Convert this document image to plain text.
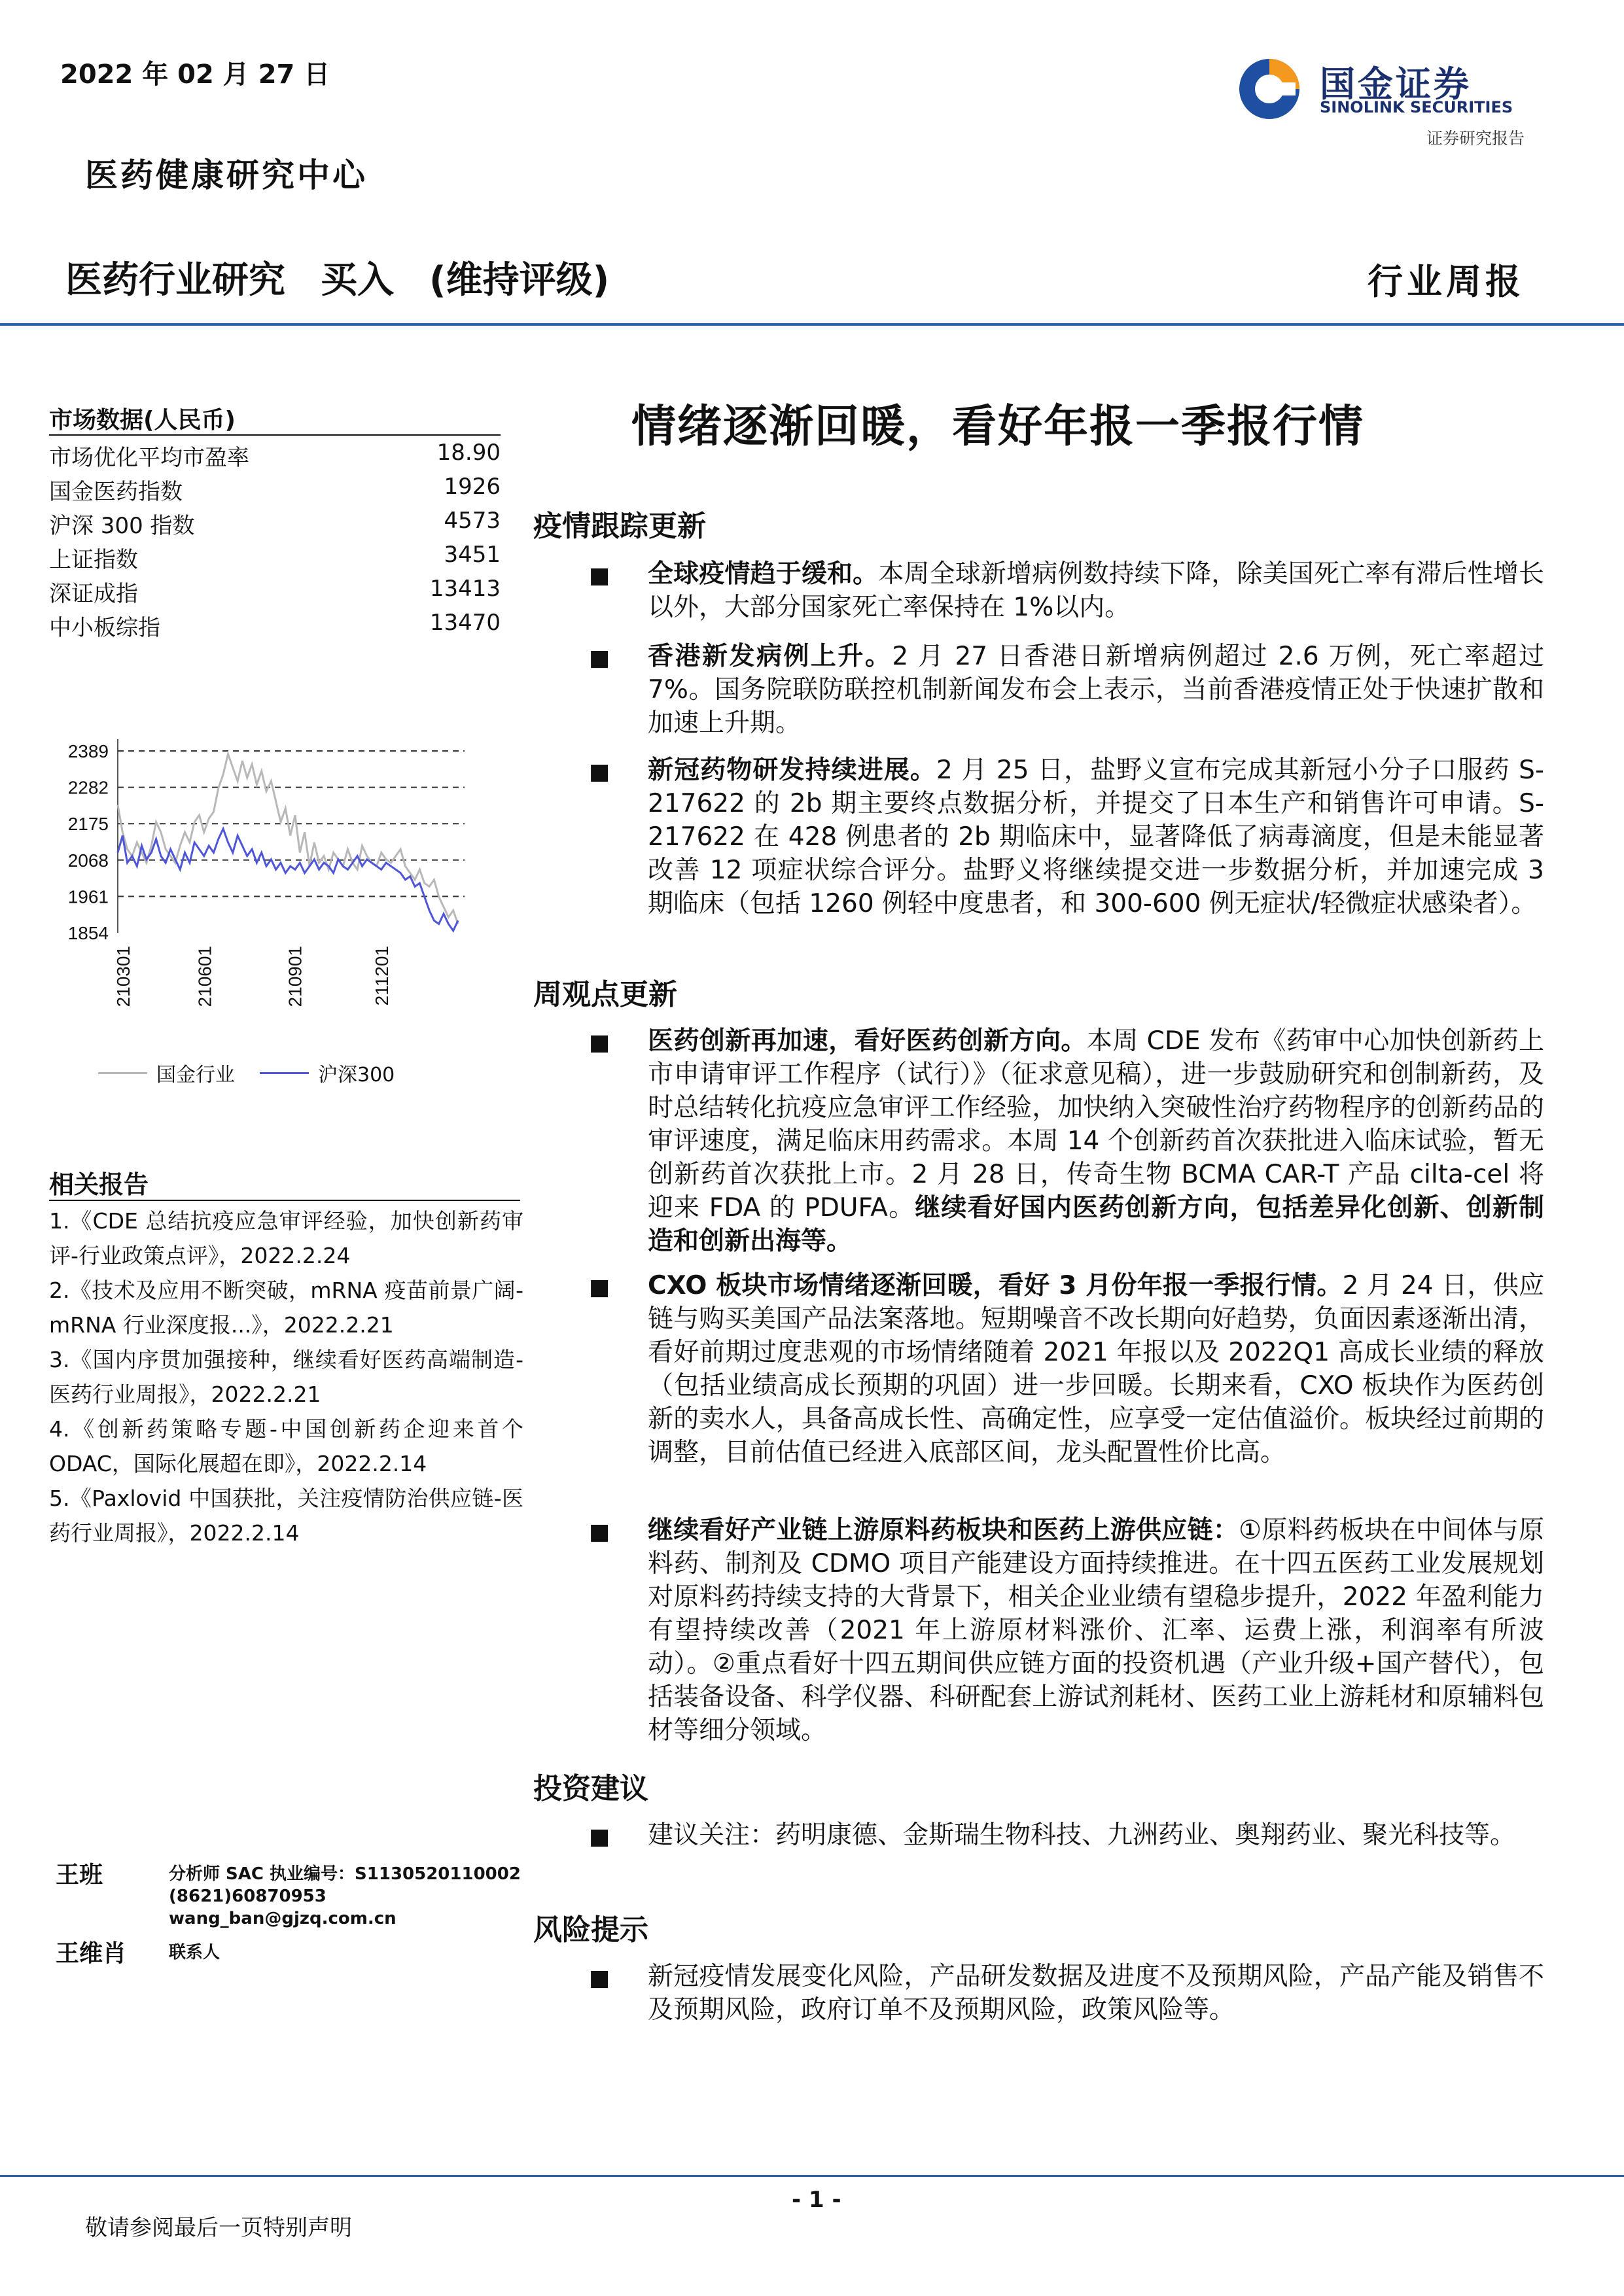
2022 年 02 月 27 日
医药健康研究中心
国金证券
SINOLINK SECURITIES
证券研究报告
医药行业研究 买入 (维持评级)	行业周报
市场数据(人民币)
市场优化平均市盈率	18.90
国金医药指数	1926
沪深 300 指数	4573
上证指数	3451
深证成指	13413
中小板综指	13470
2389
2282
2175
2068
1961
1854
210301	210601	210901	211201
国金行业	沪深300
相关报告
1.《CDE 总结抗疫应急审评经验，加快创新药审评-行业政策点评》，2022.2.24
2.《技术及应用不断突破，mRNA 疫苗前景广阔-mRNA 行业深度报...》，2022.2.21
3.《国内序贯加强接种，继续看好医药高端制造-医药行业周报》，2022.2.21
4.《创新药策略专题-中国创新药企迎来首个 ODAC，国际化展超在即》，2022.2.14
5.《Paxlovid 中国获批，关注疫情防治供应链-医药行业周报》，2022.2.14
王班	分析师 SAC 执业编号：S1130520110002
(8621)60870953
wang_ban@gjzq.com.cn
王维肖 联系人
情绪逐渐回暖，看好年报一季报行情
疫情跟踪更新
■ 全球疫情趋于缓和。本周全球新增病例数持续下降，除美国死亡率有滞后性增长以外，大部分国家死亡率保持在 1%以内。
■ 香港新发病例上升。2 月 27 日香港日新增病例超过 2.6 万例，死亡率超过 7%。国务院联防联控机制新闻发布会上表示，当前香港疫情正处于快速扩散和加速上升期。
■ 新冠药物研发持续进展。2 月 25 日，盐野义宣布完成其新冠小分子口服药 S-217622 的 2b 期主要终点数据分析，并提交了日本生产和销售许可申请。S-217622 在 428 例患者的 2b 期临床中，显著降低了病毒滴度，但是未能显著改善 12 项症状综合评分。盐野义将继续提交进一步数据分析，并加速完成 3 期临床（包括 1260 例轻中度患者，和 300-600 例无症状/轻微症状感染者）。
周观点更新
■ 医药创新再加速，看好医药创新方向。本周 CDE 发布《药审中心加快创新药上市申请审评工作程序（试行）》（征求意见稿），进一步鼓励研究和创制新药，及时总结转化抗疫应急审评工作经验，加快纳入突破性治疗药物程序的创新药品的审评速度，满足临床用药需求。本周 14 个创新药首次获批进入临床试验，暂无创新药首次获批上市。2 月 28 日，传奇生物 BCMA CAR-T 产品 cilta-cel 将迎来 FDA 的 PDUFA。继续看好国内医药创新方向，包括差异化创新、创新制造和创新出海等。
■ CXO 板块市场情绪逐渐回暖，看好 3 月份年报一季报行情。2 月 24 日，供应链与购买美国产品法案落地。短期噪音不改长期向好趋势，负面因素逐渐出清，看好前期过度悲观的市场情绪随着 2021 年报以及 2022Q1 高成长业绩的释放（包括业绩高成长预期的巩固）进一步回暖。长期来看，CXO 板块作为医药创新的卖水人，具备高成长性、高确定性，应享受一定估值溢价。板块经过前期的调整，目前估值已经进入底部区间，龙头配置性价比高。
■ 继续看好产业链上游原料药板块和医药上游供应链：①原料药板块在中间体与原料药、制剂及 CDMO 项目产能建设方面持续推进。在十四五医药工业发展规划对原料药持续支持的大背景下，相关企业业绩有望稳步提升，2022 年盈利能力有望持续改善（2021 年上游原材料涨价、汇率、运费上涨，利润率有所波动）。②重点看好十四五期间供应链方面的投资机遇（产业升级+国产替代），包括装备设备、科学仪器、科研配套上游试剂耗材、医药工业上游耗材和原辅料包材等细分领域。
投资建议
■ 建议关注：药明康德、金斯瑞生物科技、九洲药业、奥翔药业、聚光科技等。
风险提示
■ 新冠疫情发展变化风险，产品研发数据及进度不及预期风险，产品产能及销售不及预期风险，政府订单不及预期风险，政策风险等。
- 1 -
敬请参阅最后一页特别声明
